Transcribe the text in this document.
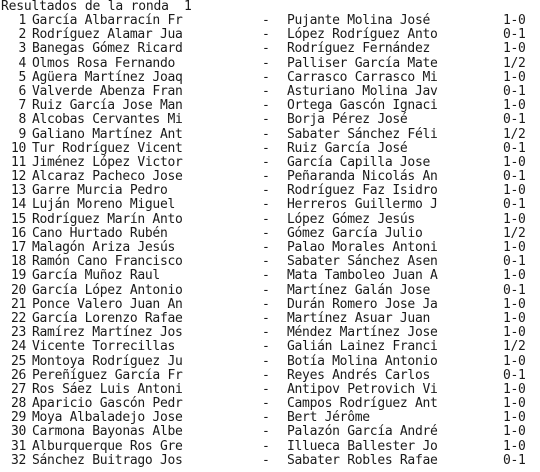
Resultados de la ronda  1
1 García Albarracín Fr	- Pujante Molina José	1-0
2 Rodríguez Alamar Jua	- López Rodríguez Anto	0-1
3 Banegas Gómez Ricard	- Rodríguez Fernández	1-0
4 Olmos Rosa Fernando	- Palliser García Mate	1/2
5 Agüera Martínez Joaq	- Carrasco Carrasco Mi	1-0
6 Valverde Abenza Fran	- Asturiano Molina Jav	0-1
7 Ruiz García Jose Man	- Ortega Gascón Ignaci	1-0
8 Alcobas Cervantes Mi	- Borja Pérez José	0-1
9 Galiano Martínez Ant	- Sabater Sánchez Féli	1/2
10 Tur Rodríguez Vicent	- Ruiz García José	0-1
11 Jiménez López Victor	- García Capilla Jose	1-0
12 Alcaraz Pacheco Jose	- Peñaranda Nicolás An	0-1
13 Garre Murcia Pedro	- Rodríguez Faz Isidro	1-0
14 Luján Moreno Miguel	- Herreros Guillermo J	0-1
15 Rodríguez Marín Anto	- López Gómez Jesús	1-0
16 Cano Hurtado Rubén	- Gómez García Julio	1/2
17 Malagón Ariza Jesús	- Palao Morales Antoni	1-0
18 Ramón Cano Francisco	- Sabater Sánchez Asen	0-1
19 García Muñoz Raul	- Mata Tamboleo Juan A	1-0
20 García López Antonio	- Martínez Galán Jose	0-1
21 Ponce Valero Juan An	- Durán Romero Jose Ja	1-0
22 García Lorenzo Rafae	- Martínez Asuar Juan	1-0
23 Ramírez Martínez Jos	- Méndez Martínez Jose	1-0
24 Vicente Torrecillas	- Galián Lainez Franci	1/2
25 Montoya Rodríguez Ju	- Botía Molina Antonio	1-0
26 Pereñíguez García Fr	- Reyes Andrés Carlos	0-1
27 Ros Sáez Luis Antoni	- Antipov Petrovich Vi	1-0
28 Aparicio Gascón Pedr	- Campos Rodríguez Ant	1-0
29 Moya Albaladejo Jose	- Bert Jérôme	1-0
30 Carmona Bayonas Albe	- Palazón García André	1-0
31 Alburquerque Ros Gre	- Illueca Ballester Jo	1-0
32 Sánchez Buitrago Jos	- Sabater Robles Rafae	0-1
